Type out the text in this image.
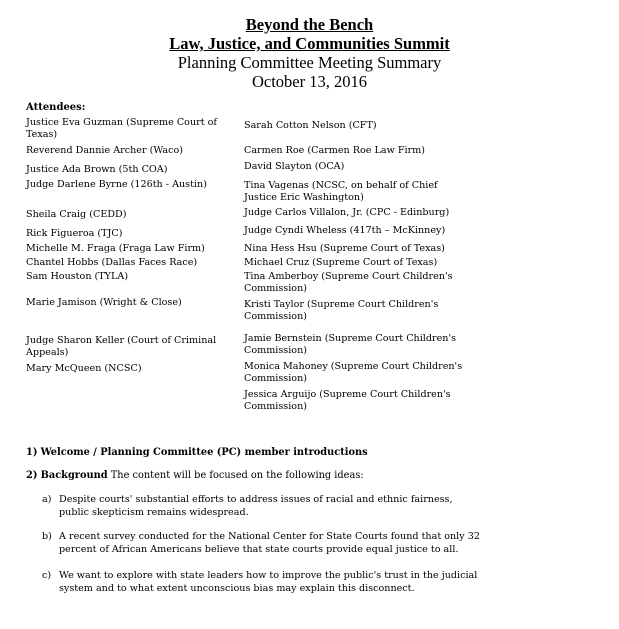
Beyond the Bench
Law, Justice, and Communities Summit
Planning Committee Meeting Summary
October 13, 2016
Attendees:
Justice Eva Guzman (Supreme Court of Texas)
Reverend Dannie Archer (Waco)
Justice Ada Brown (5th COA)
Judge Darlene Byrne (126th - Austin)
Sheila Craig (CEDD)
Rick Figueroa (TJC)
Michelle M. Fraga (Fraga Law Firm)
Chantel Hobbs (Dallas Faces Race)
Sam Houston (TYLA)
Marie Jamison (Wright & Close)
Judge Sharon Keller (Court of Criminal Appeals)
Mary McQueen (NCSC)
Sarah Cotton Nelson (CFT)
Carmen Roe (Carmen Roe Law Firm)
David Slayton (OCA)
Tina Vagenas (NCSC, on behalf of Chief Justice Eric Washington)
Judge Carlos Villalon, Jr. (CPC - Edinburg)
Judge Cyndi Wheless (417th – McKinney)
Nina Hess Hsu (Supreme Court of Texas)
Michael Cruz (Supreme Court of Texas)
Tina Amberboy (Supreme Court Children's Commission)
Kristi Taylor (Supreme Court Children's Commission)
Jamie Bernstein (Supreme Court Children's Commission)
Monica Mahoney (Supreme Court Children's Commission)
Jessica Arguijo (Supreme Court Children's Commission)
1) Welcome / Planning Committee (PC) member introductions
2) Background The content will be focused on the following ideas:
a) Despite courts' substantial efforts to address issues of racial and ethnic fairness, public skepticism remains widespread.
b) A recent survey conducted for the National Center for State Courts found that only 32 percent of African Americans believe that state courts provide equal justice to all.
c) We want to explore with state leaders how to improve the public's trust in the judicial system and to what extent unconscious bias may explain this disconnect.
